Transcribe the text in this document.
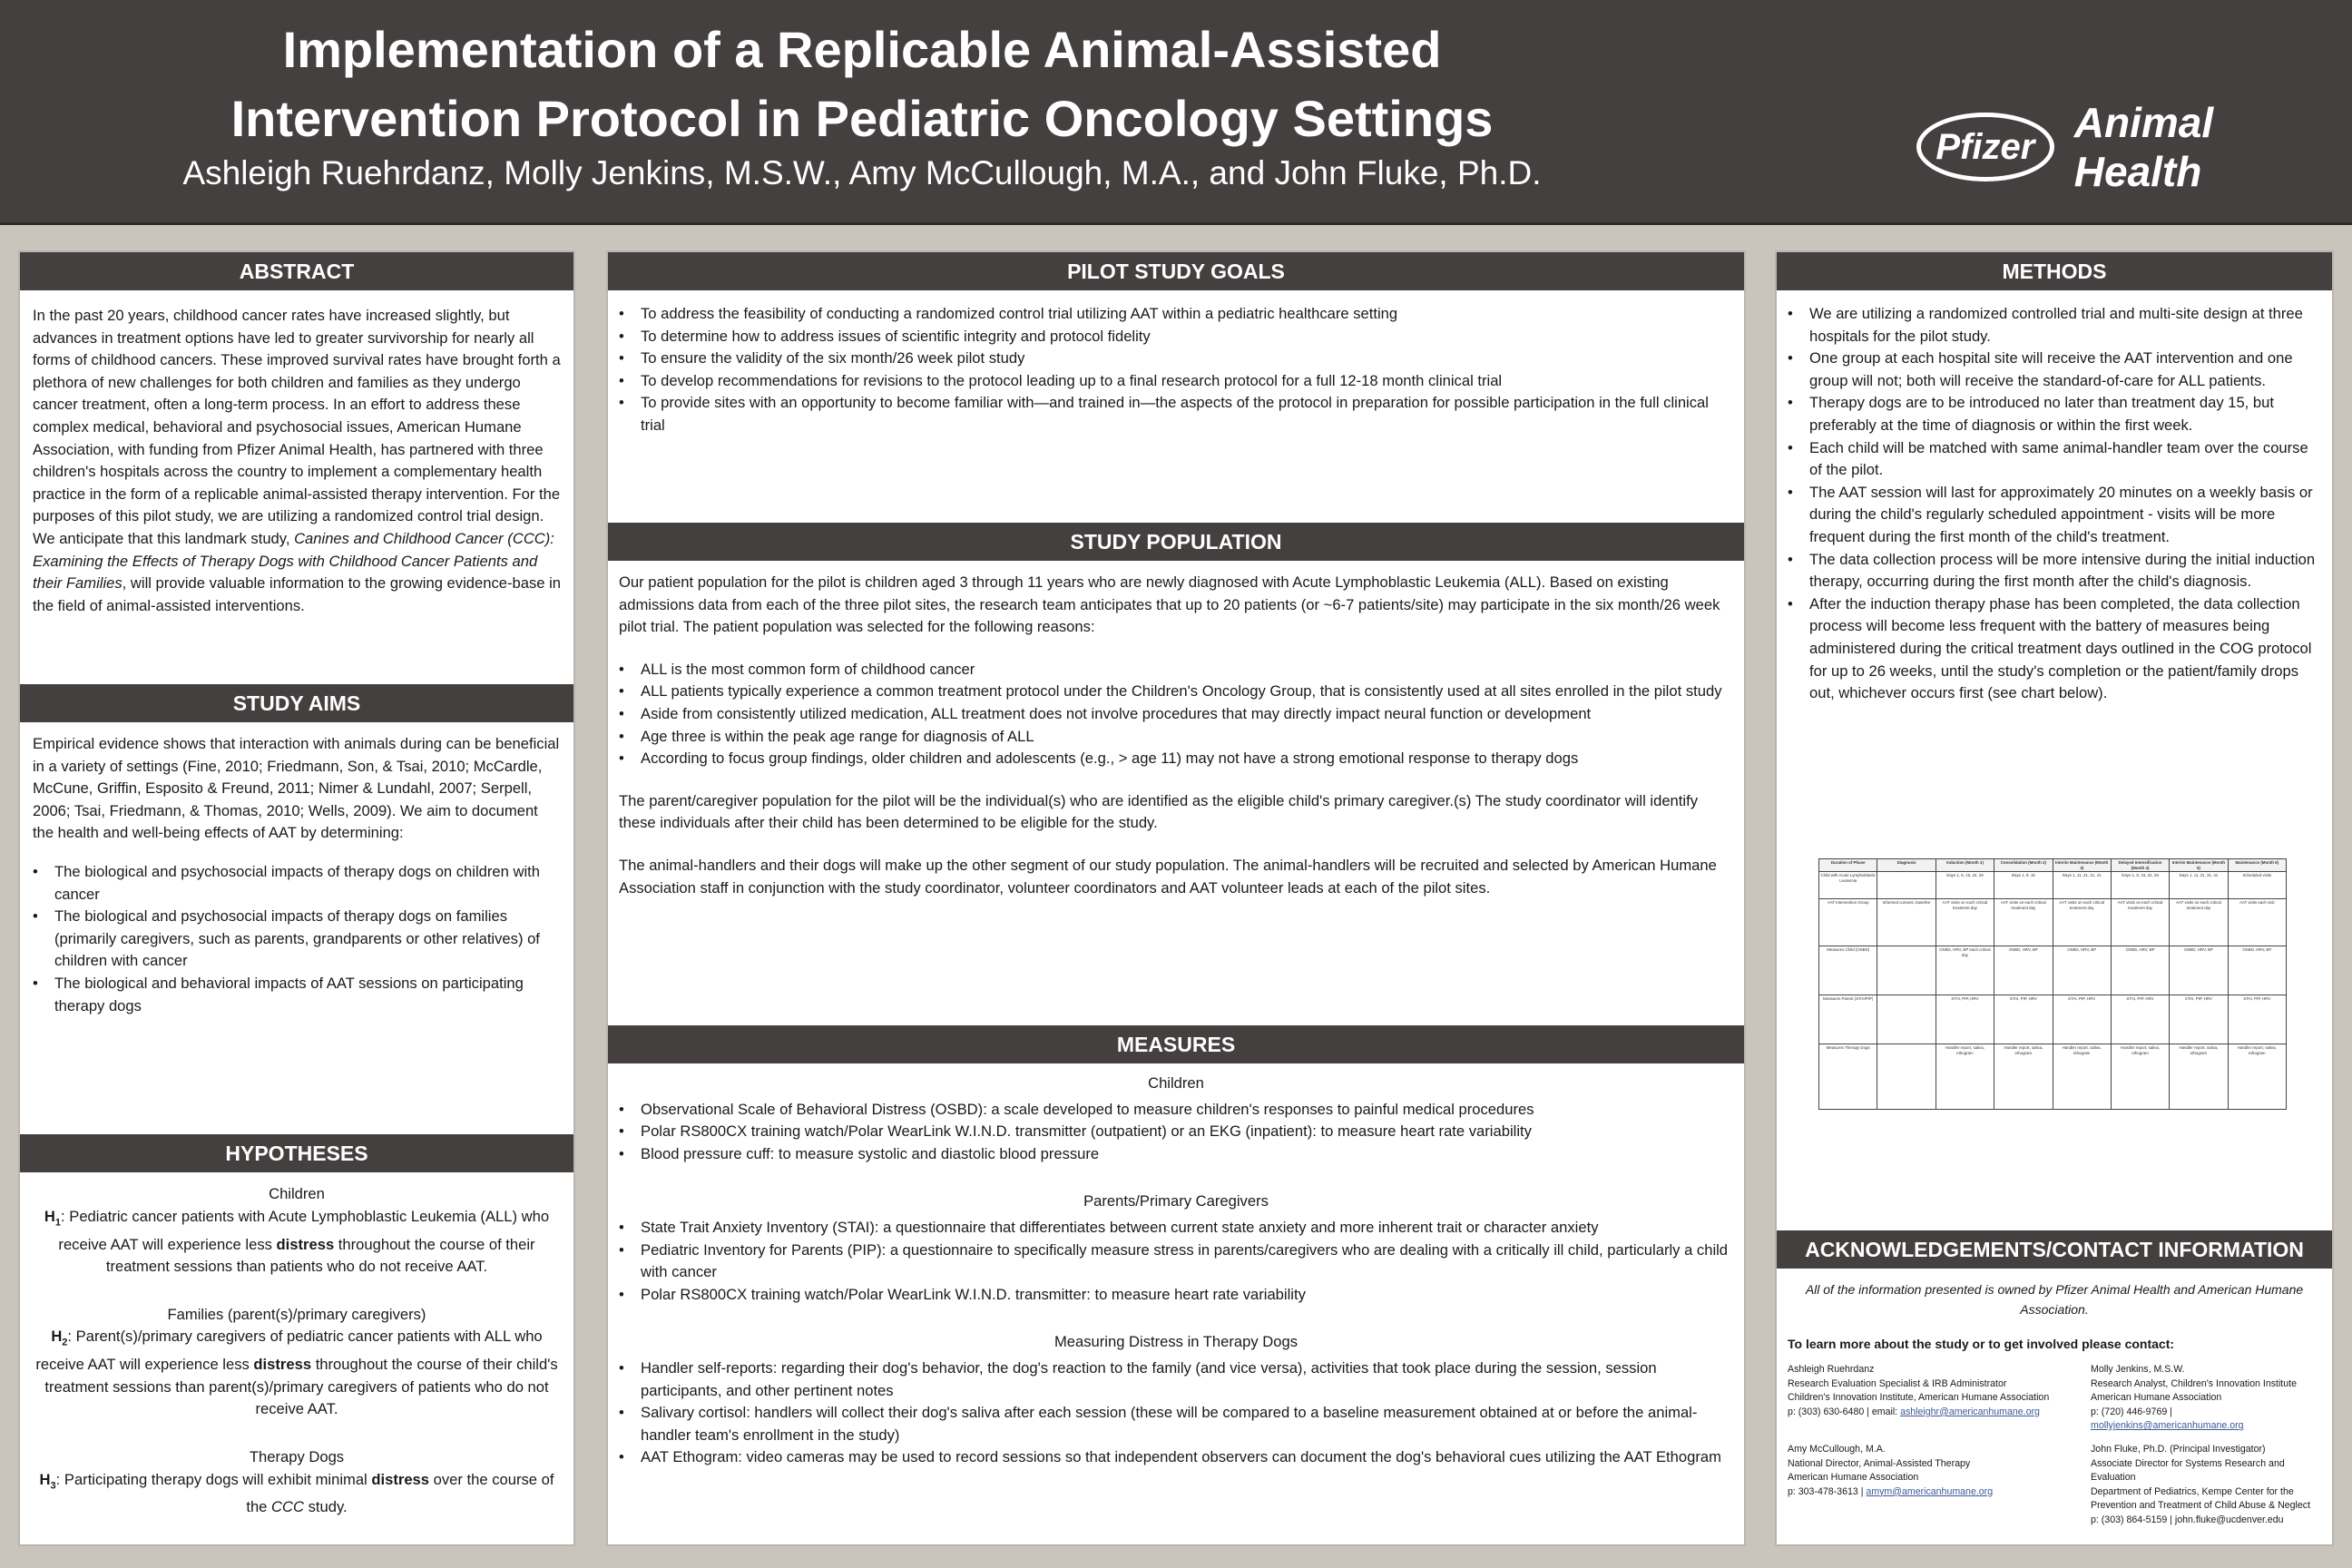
Implementation of a Replicable Animal-Assisted
Intervention Protocol in Pediatric Oncology Settings
Ashleigh Ruehrdanz, Molly Jenkins, M.S.W., Amy McCullough, M.A., and John Fluke, Ph.D.
Pfizer
Animal Health
ABSTRACT
In the past 20 years, childhood cancer rates have increased slightly, but advances in treatment options have led to greater survivorship for nearly all forms of childhood cancers. These improved survival rates have brought forth a plethora of new challenges for both children and families as they undergo cancer treatment, often a long-term process. In an effort to address these complex medical, behavioral and psychosocial issues, American Humane Association, with funding from Pfizer Animal Health, has partnered with three children's hospitals across the country to implement a complementary health practice in the form of a replicable animal-assisted therapy intervention. For the purposes of this pilot study, we are utilizing a randomized control trial design. We anticipate that this landmark study, Canines and Childhood Cancer (CCC): Examining the Effects of Therapy Dogs with Childhood Cancer Patients and their Families, will provide valuable information to the growing evidence-base in the field of animal-assisted interventions.
STUDY AIMS
Empirical evidence shows that interaction with animals during can be beneficial in a variety of settings (Fine, 2010; Friedmann, Son, & Tsai, 2010; McCardle, McCune, Griffin, Esposito & Freund, 2011; Nimer & Lundahl, 2007; Serpell, 2006; Tsai, Friedmann, & Thomas, 2010; Wells, 2009). We aim to document the health and well-being effects of AAT by determining:
• The biological and psychosocial impacts of therapy dogs on children with cancer
• The biological and psychosocial impacts of therapy dogs on families (primarily caregivers, such as parents, grandparents or other relatives) of children with cancer
• The biological and behavioral impacts of AAT sessions on participating therapy dogs
HYPOTHESES
Children
$H_1$: Pediatric cancer patients with Acute Lymphoblastic Leukemia (ALL) who receive AAT will experience less distress throughout the course of their treatment sessions than patients who do not receive AAT.
Families (parent(s)/primary caregivers)
$H_2$: Parent(s)/primary caregivers of pediatric cancer patients with ALL who receive AAT will experience less distress throughout the course of their child's treatment sessions than parent(s)/primary caregivers of patients who do not receive AAT.
Therapy Dogs
$H_3$: Participating therapy dogs will exhibit minimal distress over the course of the CCC study.
PILOT STUDY GOALS
• To address the feasibility of conducting a randomized control trial utilizing AAT within a pediatric healthcare setting
• To determine how to address issues of scientific integrity and protocol fidelity
• To ensure the validity of the six month/26 week pilot study
• To develop recommendations for revisions to the protocol leading up to a final research protocol for a full 12-18 month clinical trial
• To provide sites with an opportunity to become familiar with—and trained in—the aspects of the protocol in preparation for possible participation in the full clinical trial
STUDY POPULATION
Our patient population for the pilot is children aged 3 through 11 years who are newly diagnosed with Acute Lymphoblastic Leukemia (ALL). Based on existing admissions data from each of the three pilot sites, the research team anticipates that up to 20 patients (or ~6-7 patients/site) may participate in the six month/26 week pilot trial. The patient population was selected for the following reasons:
• ALL is the most common form of childhood cancer
• ALL patients typically experience a common treatment protocol under the Children's Oncology Group, that is consistently used at all sites enrolled in the pilot study
• Aside from consistently utilized medication, ALL treatment does not involve procedures that may directly impact neural function or development
• Age three is within the peak age range for diagnosis of ALL
• According to focus group findings, older children and adolescents (e.g., > age 11) may not have a strong emotional response to therapy dogs
The parent/caregiver population for the pilot will be the individual(s) who are identified as the eligible child's primary caregiver.(s) The study coordinator will identify these individuals after their child has been determined to be eligible for the study.
The animal-handlers and their dogs will make up the other segment of our study population. The animal-handlers will be recruited and selected by American Humane Association staff in conjunction with the study coordinator, volunteer coordinators and AAT volunteer leads at each of the pilot sites.
MEASURES
Children
• Observational Scale of Behavioral Distress (OSBD): a scale developed to measure children's responses to painful medical procedures
• Polar RS800CX training watch/Polar WearLink W.I.N.D. transmitter (outpatient) or an EKG (inpatient): to measure heart rate variability
• Blood pressure cuff: to measure systolic and diastolic blood pressure
Parents/Primary Caregivers
• State Trait Anxiety Inventory (STAI): a questionnaire that differentiates between current state anxiety and more inherent trait or character anxiety
• Pediatric Inventory for Parents (PIP): a questionnaire to specifically measure stress in parents/caregivers who are dealing with a critically ill child, particularly a child with cancer
• Polar RS800CX training watch/Polar WearLink W.I.N.D. transmitter: to measure heart rate variability
Measuring Distress in Therapy Dogs
• Handler self-reports: regarding their dog's behavior, the dog's reaction to the family (and vice versa), activities that took place during the session, session participants, and other pertinent notes
• Salivary cortisol: handlers will collect their dog's saliva after each session (these will be compared to a baseline measurement obtained at or before the animal-handler team's enrollment in the study)
• AAT Ethogram: video cameras may be used to record sessions so that independent observers can document the dog's behavioral cues utilizing the AAT Ethogram
METHODS
• We are utilizing a randomized controlled trial and multi-site design at three hospitals for the pilot study.
• One group at each hospital site will receive the AAT intervention and one group will not; both will receive the standard-of-care for ALL patients.
• Therapy dogs are to be introduced no later than treatment day 15, but preferably at the time of diagnosis or within the first week.
• Each child will be matched with same animal-handler team over the course of the pilot.
• The AAT session will last for approximately 20 minutes on a weekly basis or during the child's regularly scheduled appointment - visits will be more frequent during the first month of the child's treatment.
• The data collection process will be more intensive during the initial induction therapy, occurring during the first month after the child's diagnosis.
• After the induction therapy phase has been completed, the data collection process will become less frequent with the battery of measures being administered during the critical treatment days outlined in the COG protocol for up to 26 weeks, until the study's completion or the patient/family drops out, whichever occurs first (see chart below).
Duration of Phase	Diagnosis	Induction (Month 1)	Consolidation (Month 2)	Interim Maintenance (Month 3)	Delayed Intensification (Month 4)	Interim Maintenance (Month 5)	Maintenance (Month 6)
Child with Acute Lymphoblastic Leukemia		Days 1, 8, 15, 22, 29	Days 1, 8, 15	Days 1, 11, 21, 31, 41	Days 1, 8, 15, 22, 29	Days 1, 11, 21, 31, 41	Scheduled visits
AAT Intervention Group	Informed consent, baseline	AAT visits on each critical treatment day	AAT visits on each critical treatment day	AAT visits on each critical treatment day	AAT visits on each critical treatment day	AAT visits on each critical treatment day	AAT visits each visit
Measures Child (OSBD)		OSBD, HRV, BP each critical day	OSBD, HRV, BP	OSBD, HRV, BP	OSBD, HRV, BP	OSBD, HRV, BP	OSBD, HRV, BP
Measures Parent (STAI/PIP)		STAI, PIP, HRV	STAI, PIP, HRV	STAI, PIP, HRV	STAI, PIP, HRV	STAI, PIP, HRV	STAI, PIP, HRV
Measures Therapy Dogs		Handler report, saliva, ethogram	Handler report, saliva, ethogram	Handler report, saliva, ethogram	Handler report, saliva, ethogram	Handler report, saliva, ethogram	Handler report, saliva, ethogram
ACKNOWLEDGEMENTS/CONTACT INFORMATION
All of the information presented is owned by Pfizer Animal Health and American Humane Association.
To learn more about the study or to get involved please contact:
Ashleigh Ruehrdanz
Research Evaluation Specialist & IRB Administrator
Children's Innovation Institute, American Humane Association
p: (303) 630-6480 | email: ashleighr@americanhumane.org
Molly Jenkins, M.S.W.
Research Analyst, Children's Innovation Institute
American Humane Association
p: (720) 446-9769 | mollyjenkins@americanhumane.org
Amy McCullough, M.A.
National Director, Animal-Assisted Therapy
American Humane Association
p: 303-478-3613 | amym@americanhumane.org
John Fluke, Ph.D. (Principal Investigator)
Associate Director for Systems Research and Evaluation
Department of Pediatrics, Kempe Center for the Prevention and Treatment of Child Abuse & Neglect
p: (303) 864-5159 | john.fluke@ucdenver.edu
